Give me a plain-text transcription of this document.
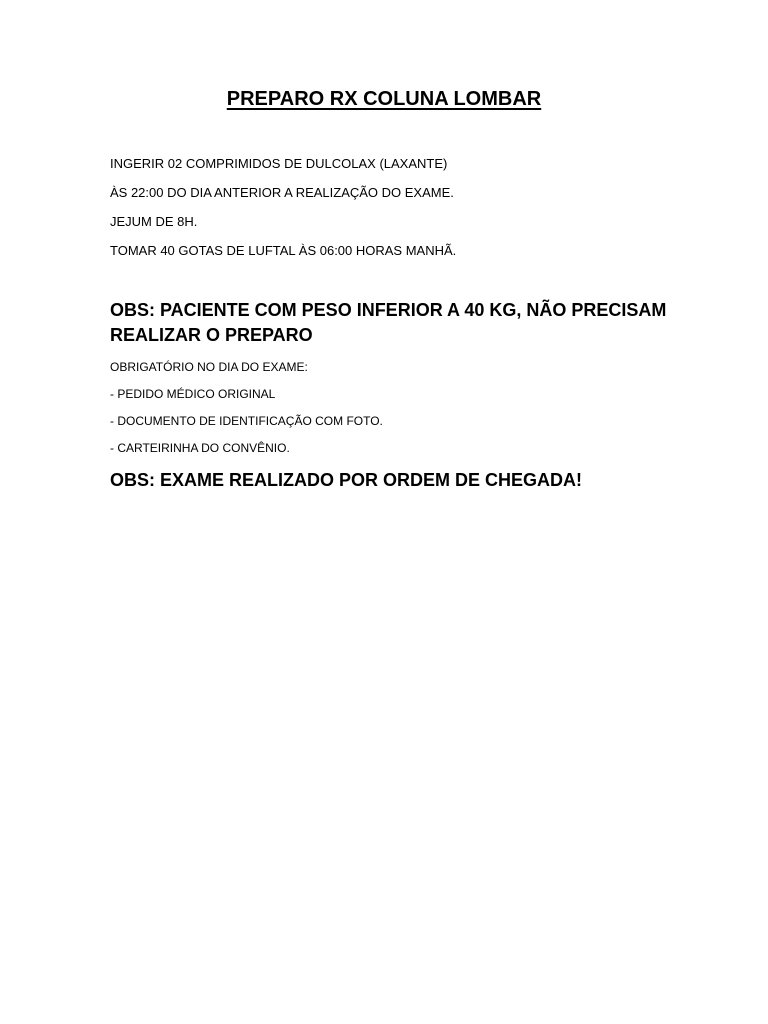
PREPARO RX COLUNA LOMBAR
INGERIR 02 COMPRIMIDOS DE DULCOLAX (LAXANTE)
ÀS 22:00 DO DIA ANTERIOR A REALIZAÇÃO DO EXAME.
JEJUM DE 8H.
TOMAR 40 GOTAS DE LUFTAL ÀS 06:00 HORAS MANHÃ.
OBS: PACIENTE COM PESO INFERIOR A 40 KG, NÃO PRECISAM REALIZAR O PREPARO
OBRIGATÓRIO NO DIA DO EXAME:
- PEDIDO MÉDICO ORIGINAL
- DOCUMENTO DE IDENTIFICAÇÃO COM FOTO.
- CARTEIRINHA DO CONVÊNIO.
OBS: EXAME REALIZADO POR ORDEM DE CHEGADA!
